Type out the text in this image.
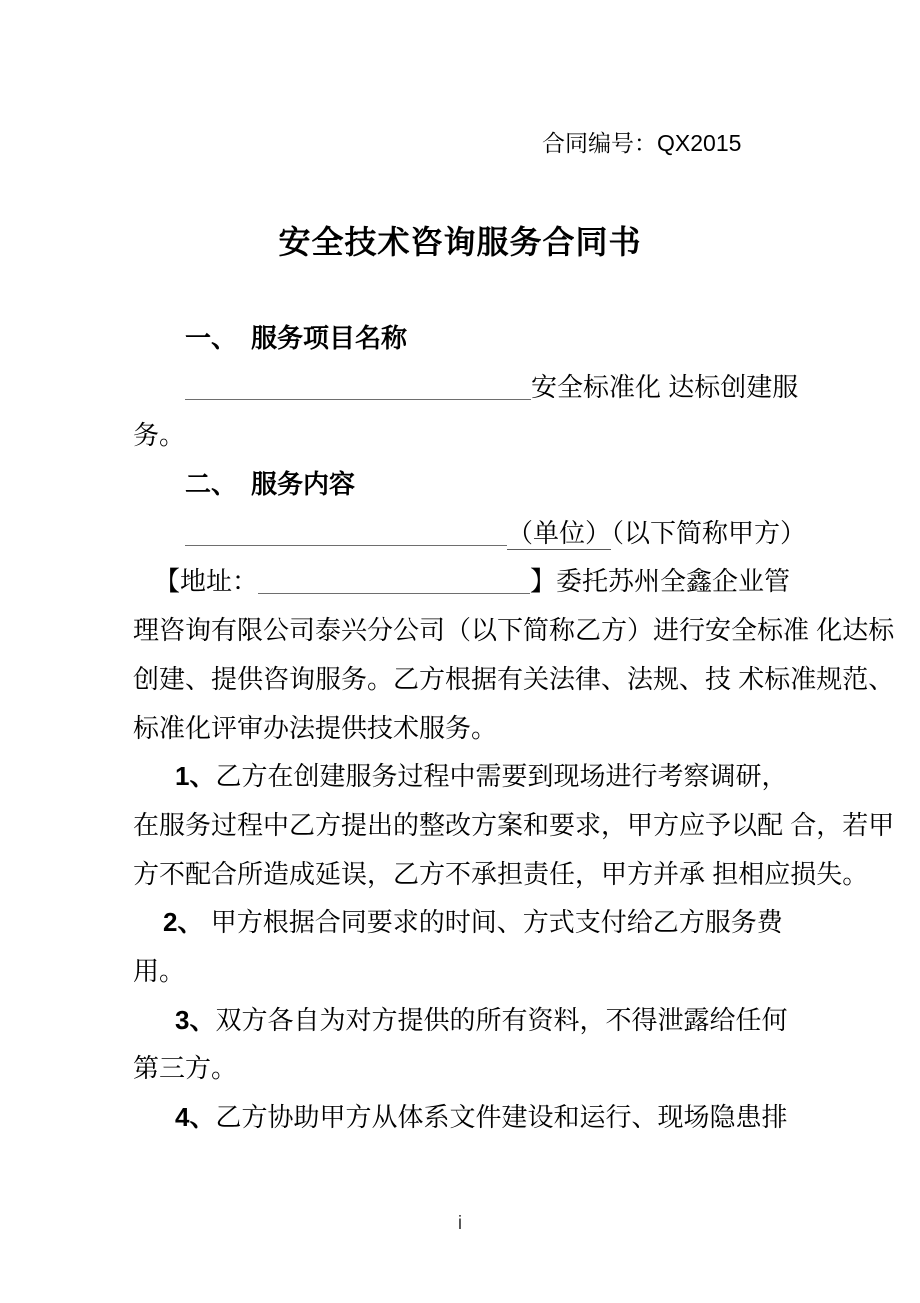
合同编号：QX2015
安全技术咨询服务合同书
一、 服务项目名称
安全标准化 达标创建服
务。
二、 服务内容
（单位）（以下简称甲方）
【地址：	】委托苏州全鑫企业管
理咨询有限公司泰兴分公司（以下简称乙方）进行安全标准 化达标
创建、提供咨询服务。乙方根据有关法律、法规、技 术标准规范、
标准化评审办法提供技术服务。
1、乙方在创建服务过程中需要到现场进行考察调研，
在服务过程中乙方提出的整改方案和要求，甲方应予以配 合，若甲
方不配合所造成延误，乙方不承担责任，甲方并承 担相应损失。
2、 甲方根据合同要求的时间、方式支付给乙方服务费
用。
3、双方各自为对方提供的所有资料，不得泄露给任何
第三方。
4、乙方协助甲方从体系文件建设和运行、现场隐患排
i
